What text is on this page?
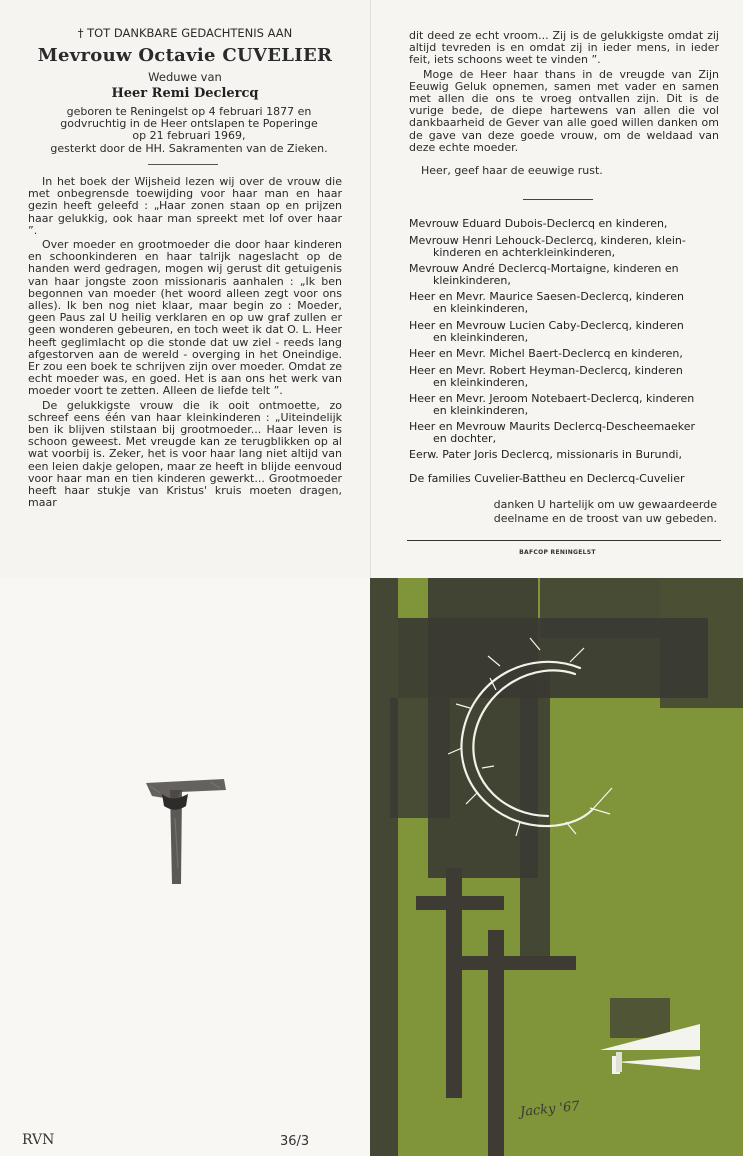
† TOT DANKBARE GEDACHTENIS AAN
Mevrouw Octavie CUVELIER
Weduwe van
Heer Remi Declercq
geboren te Reningelst op 4 februari 1877 en
godvruchtig in de Heer ontslapen te Poperinge
op 21 februari 1969,
gesterkt door de HH. Sakramenten van de Zieken.

In het boek der Wijsheid lezen wij over de vrouw die met onbegrensde toewijding voor haar man en haar gezin heeft geleefd : „Haar zonen staan op en prijzen haar gelukkig, ook haar man spreekt met lof over haar ”.

Over moeder en grootmoeder die door haar kinderen en schoonkinderen en haar talrijk nageslacht op de handen werd gedragen, mogen wij gerust dit getuigenis van haar jongste zoon missionaris aanhalen : „Ik ben begonnen van moeder (het woord alleen zegt voor ons alles). Ik ben nog niet klaar, maar begin zo : Moeder, geen Paus zal U heilig verklaren en op uw graf zullen er geen wonderen gebeuren, en toch weet ik dat O. L. Heer heeft geglimlacht op die stonde dat uw ziel - reeds lang afgestorven aan de wereld - overging in het Oneindige. Er zou een boek te schrijven zijn over moeder. Omdat ze echt moeder was, en goed. Het is aan ons het werk van moeder voort te zetten. Alleen de liefde telt ”.

De gelukkigste vrouw die ik ooit ontmoette, zo schreef eens één van haar kleinkinderen : „Uiteindelijk ben ik blijven stilstaan bij grootmoeder... Haar leven is schoon geweest. Met vreugde kan ze terugblikken op al wat voorbij is. Zeker, het is voor haar lang niet altijd van een leien dakje gelopen, maar ze heeft in blijde eenvoud voor haar man en tien kinderen gewerkt... Grootmoeder heeft haar stukje van Kristus' kruis moeten dragen, maar

dit deed ze echt vroom... Zij is de gelukkigste omdat zij altijd tevreden is en omdat zij in ieder mens, in ieder feit, iets schoons weet te vinden ”.

Moge de Heer haar thans in de vreugde van Zijn Eeuwig Geluk opnemen, samen met vader en samen met allen die ons te vroeg ontvallen zijn. Dit is de vurige bede, de diepe hartewens van allen die vol dankbaarheid de Gever van alle goed willen danken om de gave van deze goede vrouw, om de weldaad van deze echte moeder.

Heer, geef haar de eeuwige rust.
Mevrouw Eduard Dubois-Declercq en kinderen,
Mevrouw Henri Lehouck-Declercq, kinderen, klein-
kinderen en achterkleinkinderen,
Mevrouw André Declercq-Mortaigne, kinderen en
kleinkinderen,
Heer en Mevr. Maurice Saesen-Declercq, kinderen
en kleinkinderen,
Heer en Mevrouw Lucien Caby-Declercq, kinderen
en kleinkinderen,
Heer en Mevr. Michel Baert-Declercq en kinderen,
Heer en Mevr. Robert Heyman-Declercq, kinderen
en kleinkinderen,
Heer en Mevr. Jeroom Notebaert-Declercq, kinderen
en kleinkinderen,
Heer en Mevrouw Maurits Declercq-Descheemaeker
en dochter,
Eerw. Pater Joris Declercq, missionaris in Burundi,
De families Cuvelier-Battheu en Declercq-Cuvelier
danken U hartelijk om uw gewaardeerde
deelname en de troost van uw gebeden.
BAFCOP RENINGELST
RVN	36/3
Jacky '67
